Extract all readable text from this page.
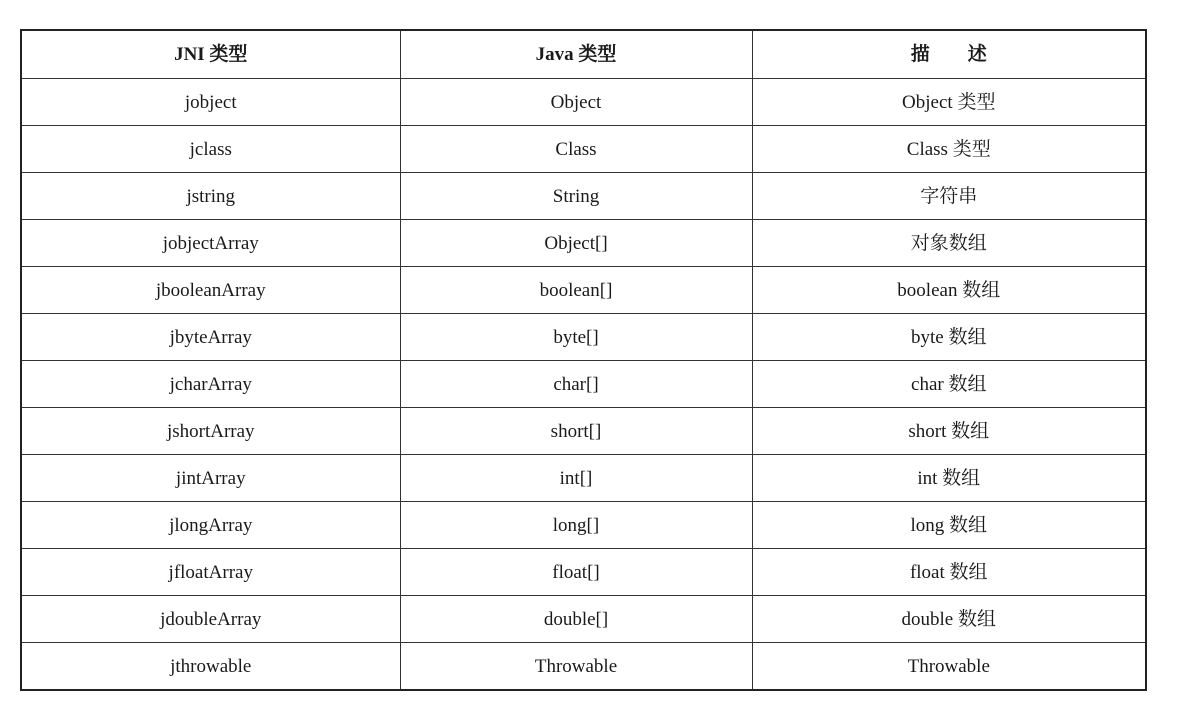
JNI 类型	Java 类型	描　　述
jobject	Object	Object 类型
jclass	Class	Class 类型
jstring	String	字符串
jobjectArray	Object[]	对象数组
jbooleanArray	boolean[]	boolean 数组
jbyteArray	byte[]	byte 数组
jcharArray	char[]	char 数组
jshortArray	short[]	short 数组
jintArray	int[]	int 数组
jlongArray	long[]	long 数组
jfloatArray	float[]	float 数组
jdoubleArray	double[]	double 数组
jthrowable	Throwable	Throwable
